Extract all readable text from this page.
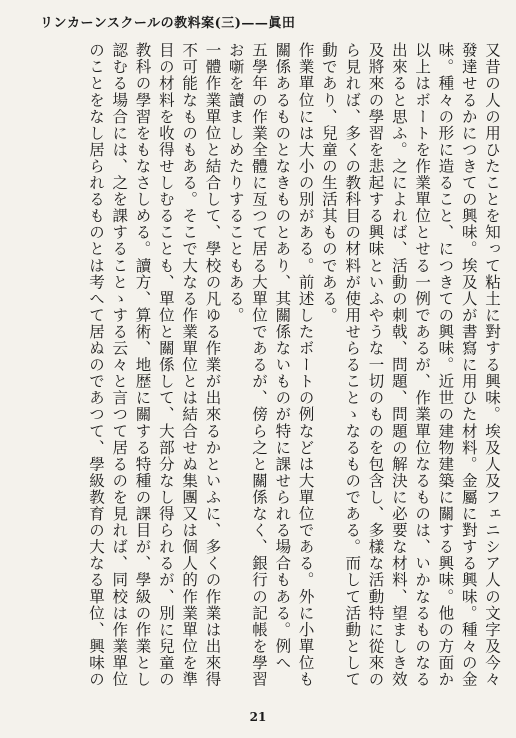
リンカーンスクールの教料案(三)——眞田
又昔の人の用ひたことを知って粘土に對する興味。埃及人及フェニシア人の文字及今々
發達せるかにつきての興味。埃及人が書寫に用ひた材料。金屬に對する興味。種々の金
味。種々の形に造ること、につきての興味。近世の建物建築に關する興味。他の方面か
以上はボートを作業單位とせる一例であるが、作業單位なるものは、いかなるものなる
出來ると思ふ。之によれば、活動の刺戟、問題、問題の解決に必要な材料、望ましき效
及將來の學習を悲起する興味といふやうな一切のものを包含し、多樣な活動特に從來の
ら見れば、多くの教科目の材料が使用せらることゝなるものである。而して活動として
動であり、兒童の生活其ものである。
作業單位には大小の別がある。前述したボートの例などは大單位である。外に小單位も
關係あるものとなきものとあり、其關係ないものが特に課せられる場合もある。例へ
五學年の作業全體に亙つて居る大單位であるが、傍ら之と關係なく、銀行の記帳を學習
お噺を讀ましめたりすることもある。
一體作業單位と結合して、學校の凡ゆる作業が出來るかといふに、多くの作業は出來得
不可能なものもある。そこで大なる作業單位とは結合せぬ集團又は個人的作業單位を準
目の材料を收得せしむることも、單位と關係して、大部分なし得られるが、別に兒童の
教科の學習をもなさしめる。讀方、算術、地歴に關する特種の課目が、學級の作業とし
認むる場合には、之を課することゝする云々と言つて居るのを見れば、同校は作業單位
のことをなし居られるものとは考へて居ぬのであつて、學級教育の大なる單位、興味の
21
